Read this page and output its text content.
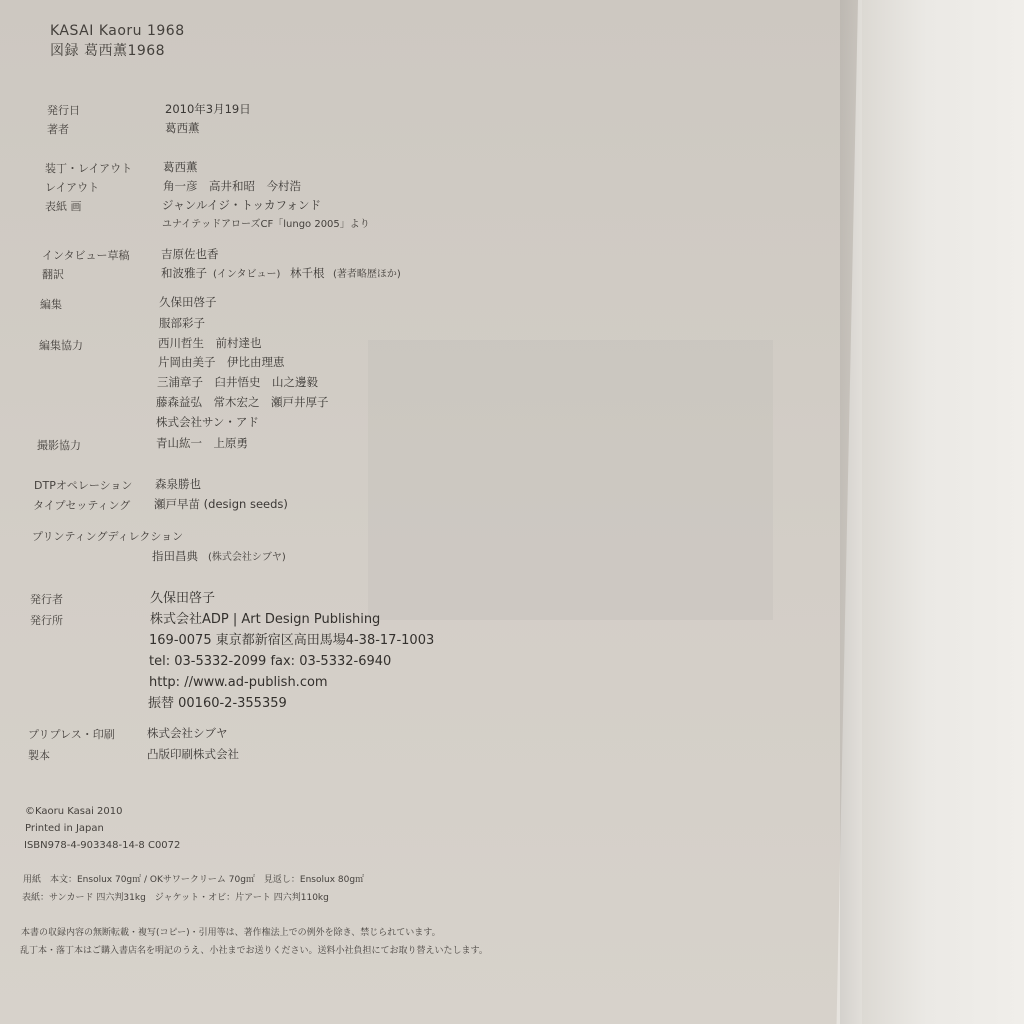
KASAI Kaoru 1968
図録 葛西薫1968
発行日	2010年3月19日
著者	葛西薫
装丁・レイアウト	葛西薫
レイアウト	角一彦　高井和昭　今村浩
表紙 画	ジャンルイジ・トッカフォンド
ユナイテッドアローズCF「lungo 2005」より
インタビュー草稿	吉原佐也香
翻訳	和波雅子 (インタビュー) 林千根 (著者略歴ほか)
編集	久保田啓子
服部彩子
編集協力	西川哲生　前村達也
片岡由美子　伊比由理恵
三浦章子　臼井悟史　山之邊毅
藤森益弘　常木宏之　瀬戸井厚子
株式会社サン・アド
撮影協力	青山紘一　上原勇
DTPオペレーション 森泉勝也
タイプセッティング 瀬戸早苗 (design seeds)
プリンティングディレクション
指田昌典 (株式会社シブヤ)
発行者	久保田啓子
発行所	株式会社ADP | Art Design Publishing
169-0075 東京都新宿区高田馬場4-38-17-1003
tel: 03-5332-2099 fax: 03-5332-6940
http: //www.ad-publish.com
振替 00160-2-355359
プリプレス・印刷	株式会社シブヤ
製本	凸版印刷株式会社
©Kaoru Kasai 2010
Printed in Japan
ISBN978-4-903348-14-8 C0072
用紙　本文：Ensolux 70g㎡ / OKサワークリーム 70g㎡　見返し：Ensolux 80g㎡
表紙：サンカード 四六判31kg　ジャケット・オビ：片アート 四六判110kg
本書の収録内容の無断転載・複写(コピー)・引用等は、著作権法上での例外を除き、禁じられています。
乱丁本・落丁本はご購入書店名を明記のうえ、小社までお送りください。送料小社負担にてお取り替えいたします。
